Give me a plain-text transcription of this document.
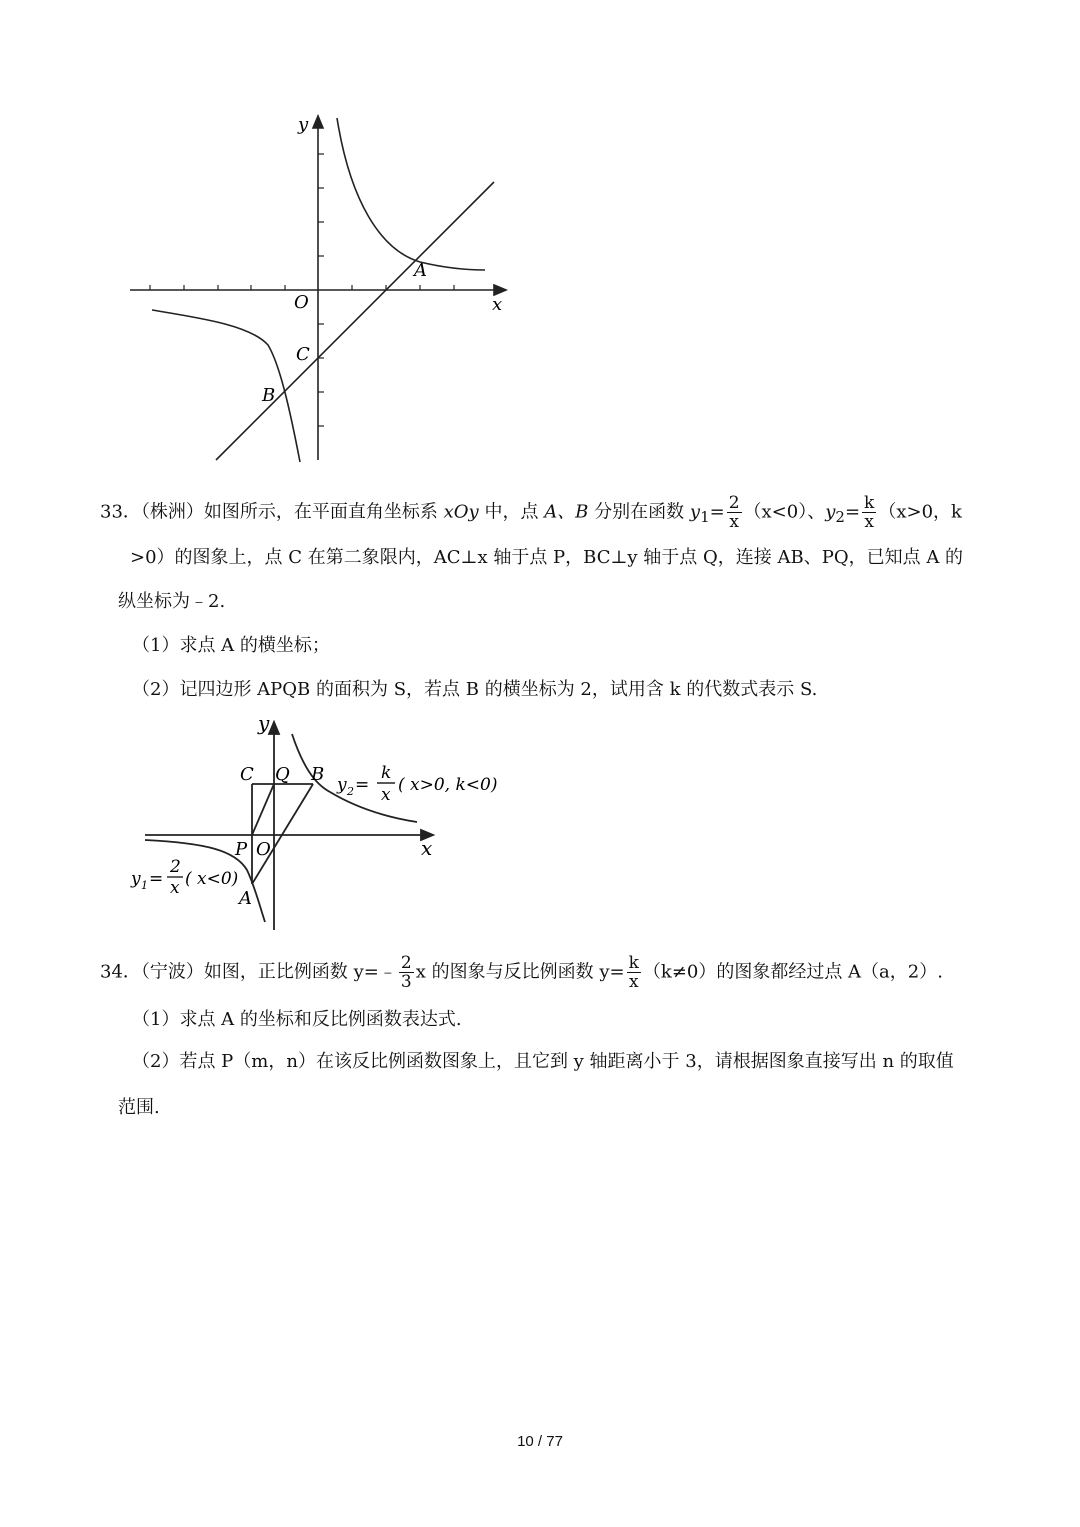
y
x
O
A
B
C
33．（株洲）如图所示，在平面直角坐标系 xOy 中，点 A、B 分别在函数 $y_1= \frac{2}{x} (x<0)$、$y_2= \frac{k}{x} (x>0$，k
>0）的图象上，点 C 在第二象限内，AC⊥x 轴于点 P，BC⊥y 轴于点 Q，连接 AB、PQ，已知点 A 的
纵坐标为﹣2.
（1）求点 A 的横坐标；
（2）记四边形 APQB 的面积为 S，若点 B 的横坐标为 2，试用含 k 的代数式表示 S.
y
x
C Q B
P O
A
y 2 =
k
x ( x>0, k<0)
y 1 =
2
x ( x<0)
34．（宁波）如图，正比例函数 y=﹣ $\frac{2}{3}$ x 的图象与反比例函数 $y= \frac{k}{x} (k\ne 0)$的图象都经过点 A（a，2）.
（1）求点 A 的坐标和反比例函数表达式.
（2）若点 P（m，n）在该反比例函数图象上，且它到 y 轴距离小于 3，请根据图象直接写出 n 的取值
范围.
10 / 77
